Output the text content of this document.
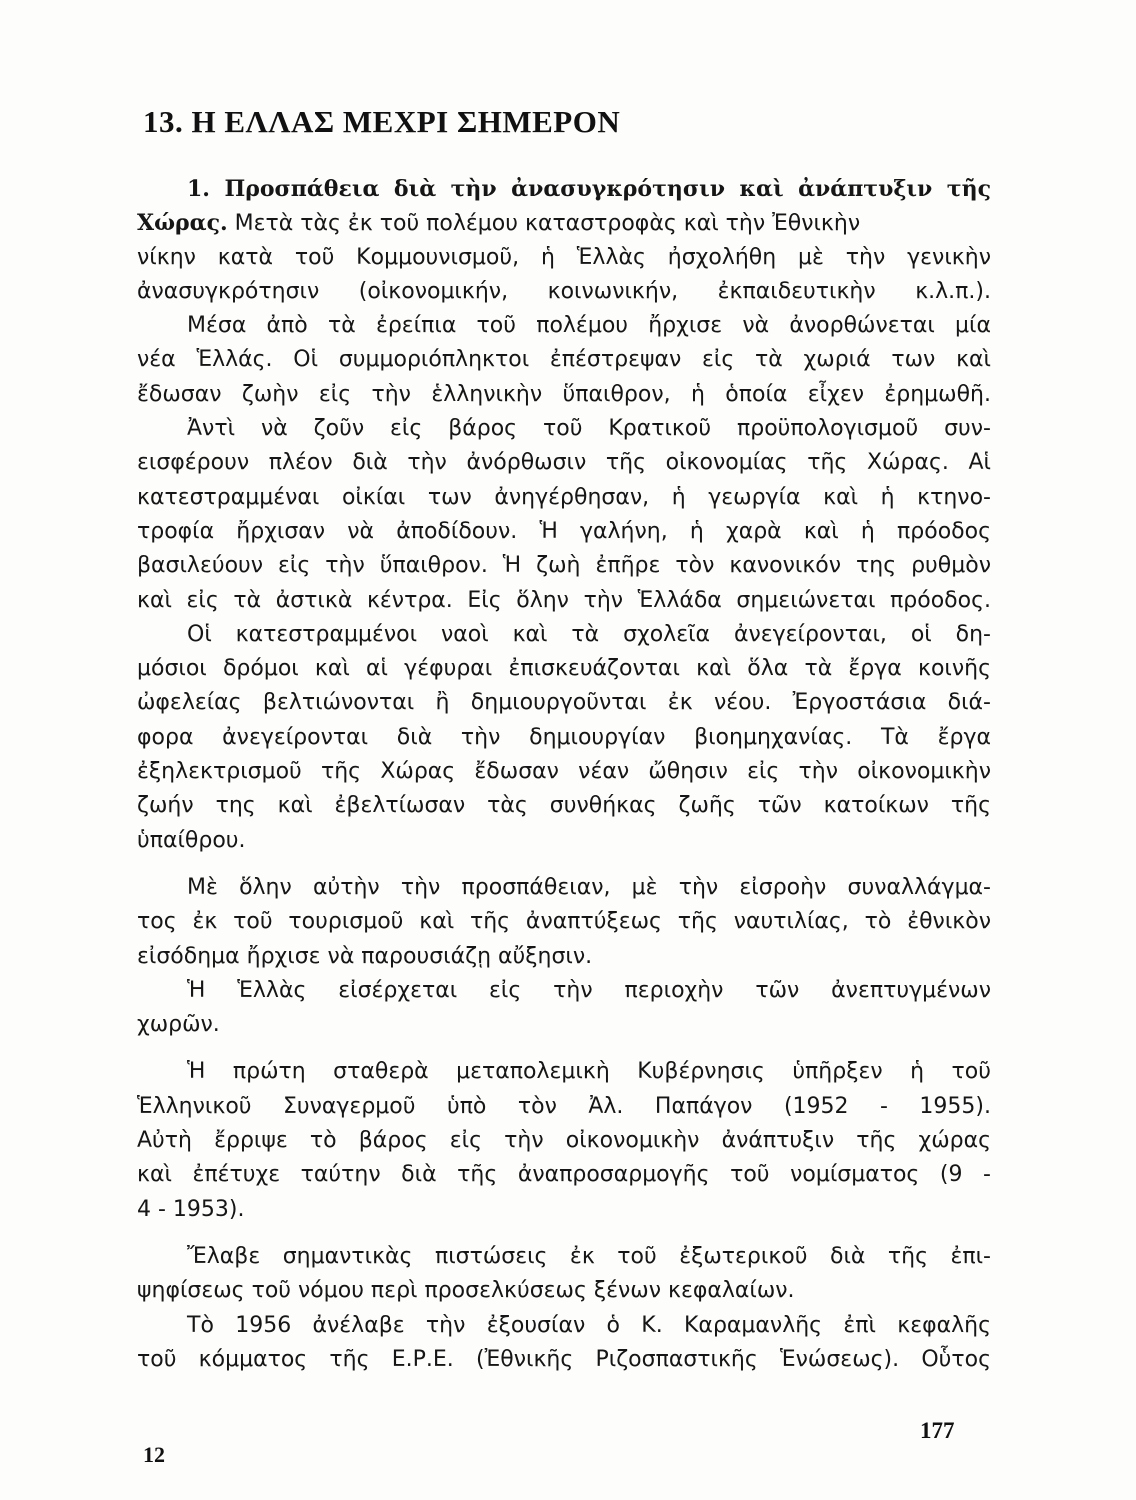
13. Η ΕΛΛΑΣ ΜΕΧΡΙ ΣΗΜΕΡΟΝ
1. Προσπάθεια διὰ τὴν ἀνασυγκρότησιν καὶ ἀνάπτυξιν τῆς
Χώρας. Μετὰ τὰς ἐκ τοῦ πολέμου καταστροφὰς καὶ τὴν Ἐθνικὴν
νίκην κατὰ τοῦ Κομμουνισμοῦ, ἡ Ἑλλὰς ἠσχολήθη μὲ τὴν γενικὴν
ἀνασυγκρότησιν (οἰκονομικήν, κοινωνικήν, ἐκπαιδευτικὴν κ.λ.π.).
Μέσα ἀπὸ τὰ ἐρείπια τοῦ πολέμου ἤρχισε νὰ ἀνορθώνεται μία
νέα Ἑλλάς. Οἱ συμμοριόπληκτοι ἐπέστρεψαν εἰς τὰ χωριά των καὶ
ἔδωσαν ζωὴν εἰς τὴν ἑλληνικὴν ὕπαιθρον, ἡ ὁποία εἶχεν ἐρημωθῆ.
Ἀντὶ νὰ ζοῦν εἰς βάρος τοῦ Κρατικοῦ προϋπολογισμοῦ συν-
εισφέρουν πλέον διὰ τὴν ἀνόρθωσιν τῆς οἰκονομίας τῆς Χώρας. Αἱ
κατεστραμμέναι οἰκίαι των ἀνηγέρθησαν, ἡ γεωργία καὶ ἡ κτηνο-
τροφία ἤρχισαν νὰ ἀποδίδουν. Ἡ γαλήνη, ἡ χαρὰ καὶ ἡ πρόοδος
βασιλεύουν εἰς τὴν ὕπαιθρον. Ἡ ζωὴ ἐπῆρε τὸν κανονικόν της ρυθμὸν
καὶ εἰς τὰ ἀστικὰ κέντρα. Εἰς ὅλην τὴν Ἑλλάδα σημειώνεται πρόοδος.
Οἱ κατεστραμμένοι ναοὶ καὶ τὰ σχολεῖα ἀνεγείρονται, οἱ δη-
μόσιοι δρόμοι καὶ αἱ γέφυραι ἐπισκευάζονται καὶ ὅλα τὰ ἔργα κοινῆς
ὠφελείας βελτιώνονται ἢ δημιουργοῦνται ἐκ νέου. Ἐργοστάσια διά-
φορα ἀνεγείρονται διὰ τὴν δημιουργίαν βιοημηχανίας. Τὰ ἔργα
ἐξηλεκτρισμοῦ τῆς Χώρας ἔδωσαν νέαν ὤθησιν εἰς τὴν οἰκονομικὴν
ζωήν της καὶ ἐβελτίωσαν τὰς συνθήκας ζωῆς τῶν κατοίκων τῆς
ὑπαίθρου.
Μὲ ὅλην αὐτὴν τὴν προσπάθειαν, μὲ τὴν εἰσροὴν συναλλάγμα-
τος ἐκ τοῦ τουρισμοῦ καὶ τῆς ἀναπτύξεως τῆς ναυτιλίας, τὸ ἐθνικὸν
εἰσόδημα ἤρχισε νὰ παρουσιάζῃ αὔξησιν.
Ἡ Ἑλλὰς εἰσέρχεται εἰς τὴν περιοχὴν τῶν ἀνεπτυγμένων
χωρῶν.
Ἡ πρώτη σταθερὰ μεταπολεμικὴ Κυβέρνησις ὑπῆρξεν ἡ τοῦ
Ἑλληνικοῦ Συναγερμοῦ ὑπὸ τὸν Ἀλ. Παπάγον (1952 - 1955).
Αὐτὴ ἔρριψε τὸ βάρος εἰς τὴν οἰκονομικὴν ἀνάπτυξιν τῆς χώρας
καὶ ἐπέτυχε ταύτην διὰ τῆς ἀναπροσαρμογῆς τοῦ νομίσματος (9 -
4 - 1953).
Ἔλαβε σημαντικὰς πιστώσεις ἐκ τοῦ ἐξωτερικοῦ διὰ τῆς ἐπι-
ψηφίσεως τοῦ νόμου περὶ προσελκύσεως ξένων κεφαλαίων.
Τὸ 1956 ἀνέλαβε τὴν ἐξουσίαν ὁ Κ. Καραμανλῆς ἐπὶ κεφαλῆς
τοῦ κόμματος τῆς Ε.Ρ.Ε. (Ἐθνικῆς Ριζοσπαστικῆς Ἑνώσεως). Οὗτος
12
177
